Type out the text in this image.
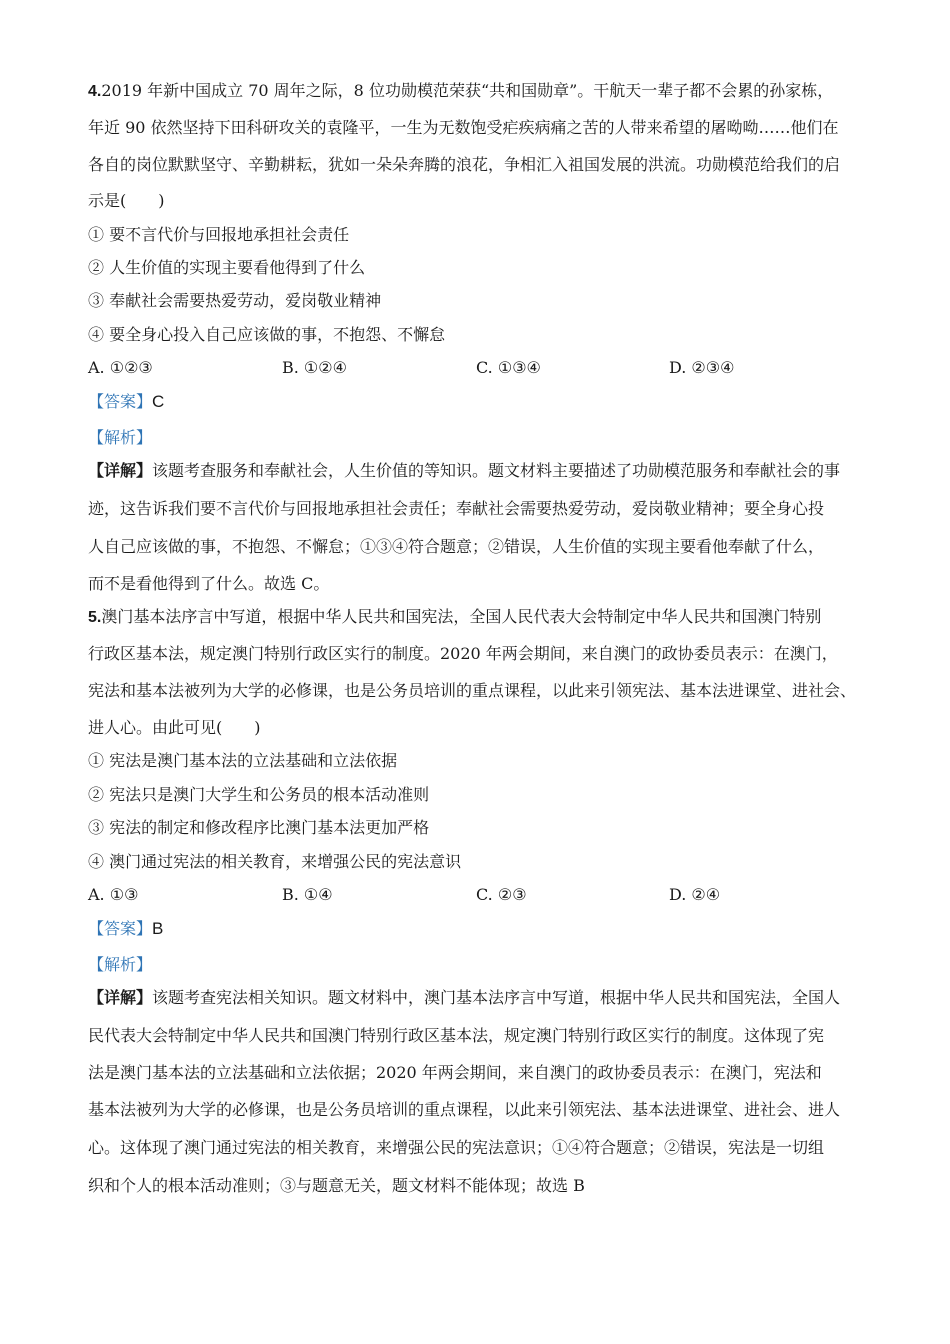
4.2019 年新中国成立 70 周年之际，8 位功勋模范荣获“共和国勋章”。干航天一辈子都不会累的孙家栋，
年近 90 依然坚持下田科研攻关的袁隆平，一生为无数饱受疟疾病痛之苦的人带来希望的屠呦呦……他们在
各自的岗位默默坚守、辛勤耕耘，犹如一朵朵奔腾的浪花，争相汇入祖国发展的洪流。功勋模范给我们的启
示是(　　)
① 要不言代价与回报地承担社会责任
② 人生价值的实现主要看他得到了什么
③ 奉献社会需要热爱劳动，爱岗敬业精神
④ 要全身心投入自己应该做的事，不抱怨、不懈怠
A. ①②③	B. ①②④	C. ①③④	D. ②③④
【答案】C
【解析】
【详解】该题考查服务和奉献社会，人生价值的等知识。题文材料主要描述了功勋模范服务和奉献社会的事
迹，这告诉我们要不言代价与回报地承担社会责任；奉献社会需要热爱劳动，爱岗敬业精神；要全身心投
人自己应该做的事，不抱怨、不懈怠；①③④符合题意；②错误，人生价值的实现主要看他奉献了什么，
而不是看他得到了什么。故选 C。
5.澳门基本法序言中写道，根据中华人民共和国宪法，全国人民代表大会特制定中华人民共和国澳门特别
行政区基本法，规定澳门特别行政区实行的制度。2020 年两会期间，来自澳门的政协委员表示：在澳门，
宪法和基本法被列为大学的必修课，也是公务员培训的重点课程，以此来引领宪法、基本法进课堂、进社会、
进人心。由此可见(　　)
① 宪法是澳门基本法的立法基础和立法依据
② 宪法只是澳门大学生和公务员的根本活动准则
③ 宪法的制定和修改程序比澳门基本法更加严格
④ 澳门通过宪法的相关教育，来增强公民的宪法意识
A. ①③	B. ①④	C. ②③	D. ②④
【答案】B
【解析】
【详解】该题考查宪法相关知识。题文材料中，澳门基本法序言中写道，根据中华人民共和国宪法，全国人
民代表大会特制定中华人民共和国澳门特别行政区基本法，规定澳门特别行政区实行的制度。这体现了宪
法是澳门基本法的立法基础和立法依据；2020 年两会期间，来自澳门的政协委员表示：在澳门，宪法和
基本法被列为大学的必修课，也是公务员培训的重点课程，以此来引领宪法、基本法进课堂、进社会、进人
心。这体现了澳门通过宪法的相关教育，来增强公民的宪法意识；①④符合题意；②错误，宪法是一切组
织和个人的根本活动准则；③与题意无关，题文材料不能体现；故选 B
